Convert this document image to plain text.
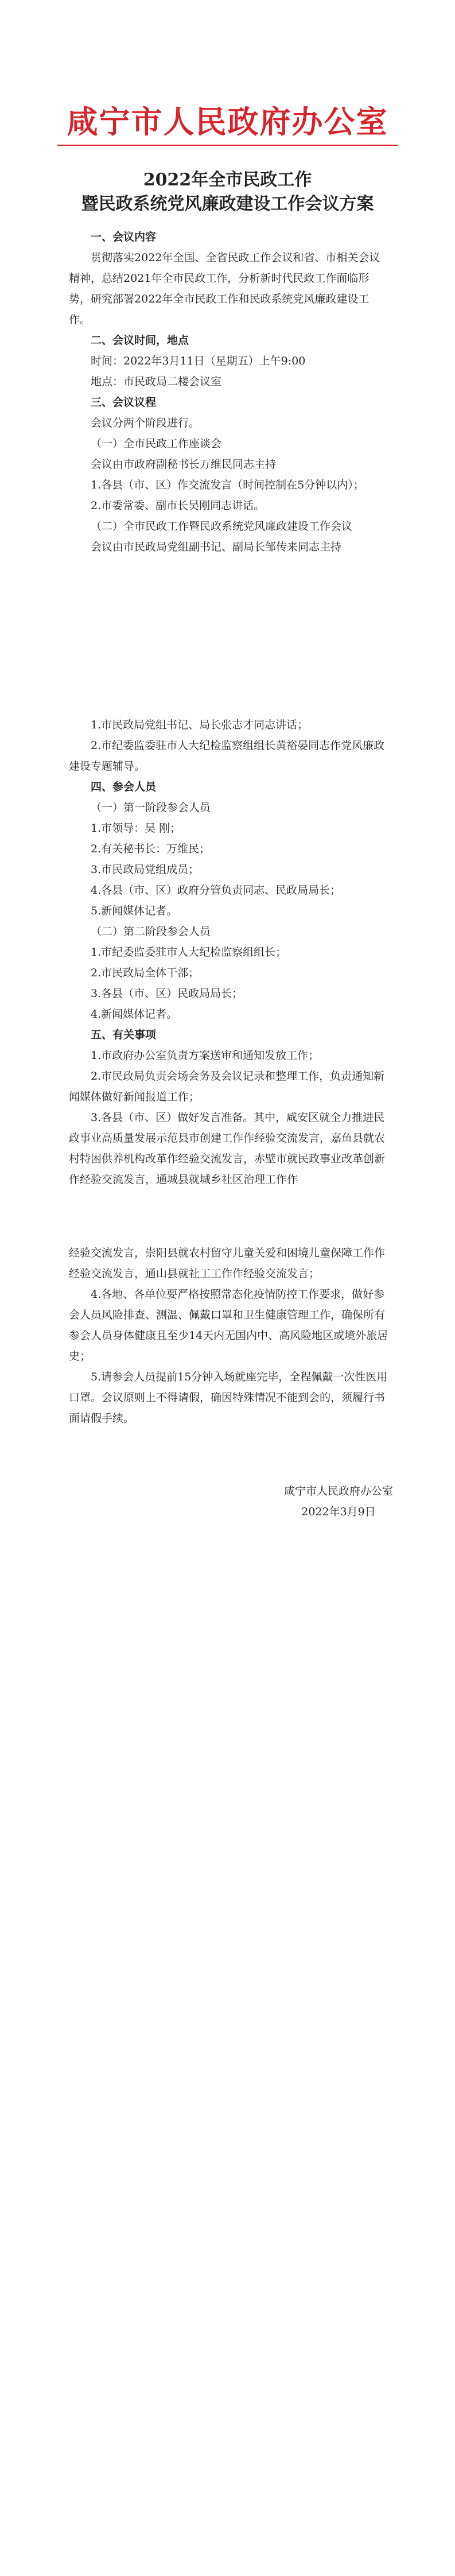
咸宁市人民政府办公室
2022年全市民政工作
暨民政系统党风廉政建设工作会议方案
一、会议内容
贯彻落实2022年全国、全省民政工作会议和省、市相关会议精神，总结2021年全市民政工作，分析新时代民政工作面临形势，研究部署2022年全市民政工作和民政系统党风廉政建设工作。
二、会议时间，地点
时间：2022年3月11日（星期五）上午9:00
地点：市民政局二楼会议室
三、会议议程
会议分两个阶段进行。
（一）全市民政工作座谈会
会议由市政府副秘书长万维民同志主持
1.各县（市、区）作交流发言（时间控制在5分钟以内）；
2.市委常委、副市长吴刚同志讲话。
（二）全市民政工作暨民政系统党风廉政建设工作会议
会议由市民政局党组副书记、副局长邹传来同志主持
1.市民政局党组书记、局长张志才同志讲话；
2.市纪委监委驻市人大纪检监察组组长黄裕晏同志作党风廉政建设专题辅导。
四、参会人员
（一）第一阶段参会人员
1.市领导：吴 刚；
2.有关秘书长：万维民；
3.市民政局党组成员；
4.各县（市、区）政府分管负责同志、民政局局长；
5.新闻媒体记者。
（二）第二阶段参会人员
1.市纪委监委驻市人大纪检监察组组长；
2.市民政局全体干部；
3.各县（市、区）民政局局长；
4.新闻媒体记者。
五、有关事项
1.市政府办公室负责方案送审和通知发放工作；
2.市民政局负责会场会务及会议记录和整理工作，负责通知新闻媒体做好新闻报道工作；
3.各县（市、区）做好发言准备。其中，咸安区就全力推进民政事业高质量发展示范县市创建工作作经验交流发言，嘉鱼县就农村特困供养机构改革作经验交流发言，赤壁市就民政事业改革创新作经验交流发言，通城县就城乡社区治理工作作
经验交流发言，崇阳县就农村留守儿童关爱和困境儿童保障工作作经验交流发言，通山县就社工工作作经验交流发言；
4.各地、各单位要严格按照常态化疫情防控工作要求，做好参会人员风险排查、测温、佩戴口罩和卫生健康管理工作，确保所有参会人员身体健康且至少14天内无国内中、高风险地区或境外旅居史；
5.请参会人员提前15分钟入场就座完毕，全程佩戴一次性医用口罩。会议原则上不得请假，确因特殊情况不能到会的，须履行书面请假手续。
咸宁市人民政府办公室
2022年3月9日
